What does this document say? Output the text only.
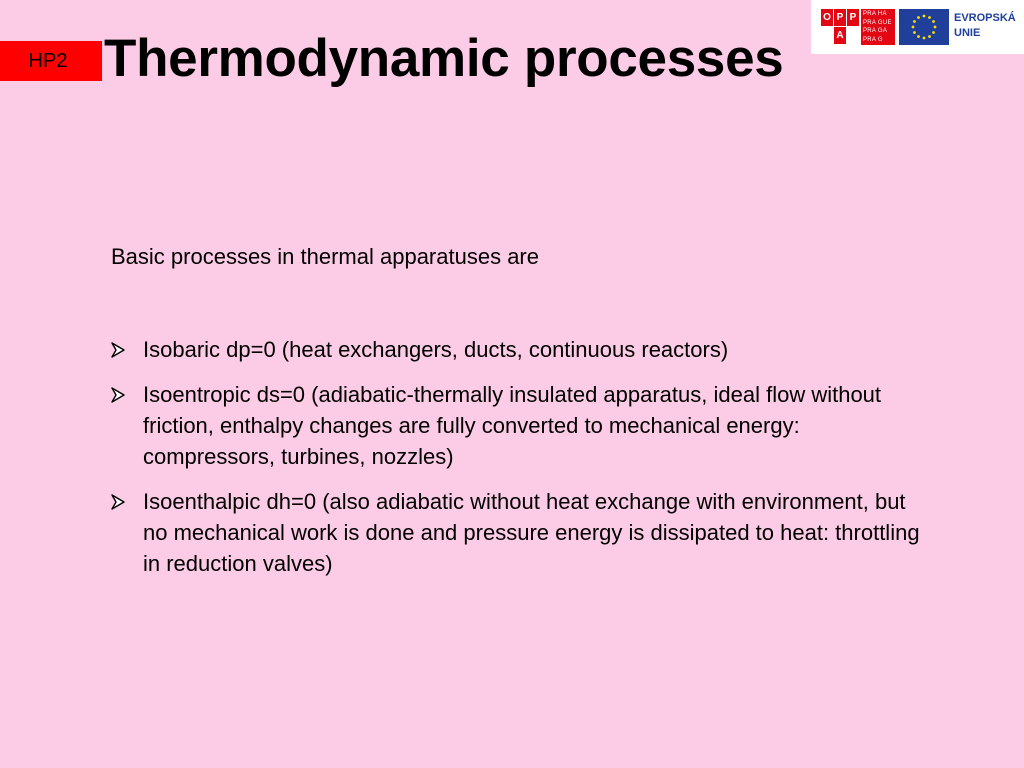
HP2 Thermodynamic processes
O P P
A
PRA HA
PRA GUE
PRA GA
PRA G
EVROPSKÁ
UNIE

Basic processes in thermal apparatuses are

Isobaric dp=0 (heat exchangers, ducts, continuous reactors)
Isoentropic ds=0 (adiabatic-thermally insulated apparatus, ideal flow without friction, enthalpy changes are fully converted to mechanical energy: compressors, turbines, nozzles)
Isoenthalpic dh=0 (also adiabatic without heat exchange with environment, but no mechanical work is done and pressure energy is dissipated to heat: throttling in reduction valves)
